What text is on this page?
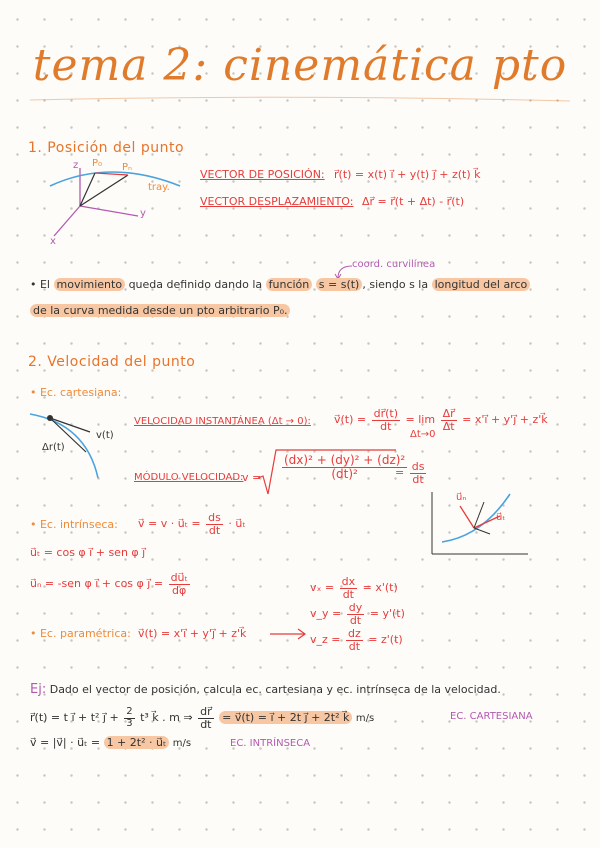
tema 2: cinemática pto
1. Posición del punto
z P₀ Pₙ
tray.
y
x
VECTOR DE POSICIÓN: r⃗(t) = x(t) i⃗ + y(t) j⃗ + z(t) k⃗
VECTOR DESPLAZAMIENTO: Δr⃗ = r⃗(t + Δt) - r⃗(t)
coord. curvilínea
• El movimiento queda definido dando la función s = s(t) , siendo s la longitud del arco
de la curva medida desde un pto arbitrario P₀.
2. Velocidad del punto
• Ec. cartesiana:
v(t)
Δr(t)
VELOCIDAD INSTANTÁNEA (Δt → 0): v⃗(t) = $\frac{dr⃗(t)}{dt} = \lim \frac{\Delta r⃗}{\Delta t}$ = x'i⃗ + y'j⃗ + z'k⃗
Δt→0
MÓDULO VELOCIDAD:
$v = \frac{\text{(dx)² + (dy)² + (dz)²}}{\text{(dt)²}}$
= $\frac{ds}{dt}$
• Ec. intrínseca: v⃗ = v · u⃗ₜ = $\frac{ds}{dt}$ · u⃗ₜ
u⃗ₜ = cos φ i⃗ + sen φ j⃗
u⃗ₙ = -sen φ i⃗ + cos φ j⃗ = $\frac{\text{du⃗ₜ}}{d\varphi}$
u⃗ₙ
u⃗ₜ
$v_x = \frac{dx}{dt} = x'(t)$
v_y = $\frac{dy}{dt} = y'(t)$
v_z = $\frac{dz}{dt} = z'(t)$
• Ec. paramétrica: v⃗(t) = x'i⃗ + y'j⃗ + z'k⃗
Ej: Dado el vector de posición, calcula ec. cartesiana y ec. intrínseca de la velocidad.
r⃗(t) = t i⃗ + t² j⃗ + $\frac{2}{3} t^3$ k⃗ . m ⇒ $\frac{dr⃗}{dt}$ = v⃗(t) = i⃗ + 2t j⃗ + 2t² k⃗ m/s	EC. CARTESIANA
v⃗ = |v⃗| · u⃗ₜ = 1 + 2t² · u⃗ₜ m/s	EC. INTRÍNSECA
